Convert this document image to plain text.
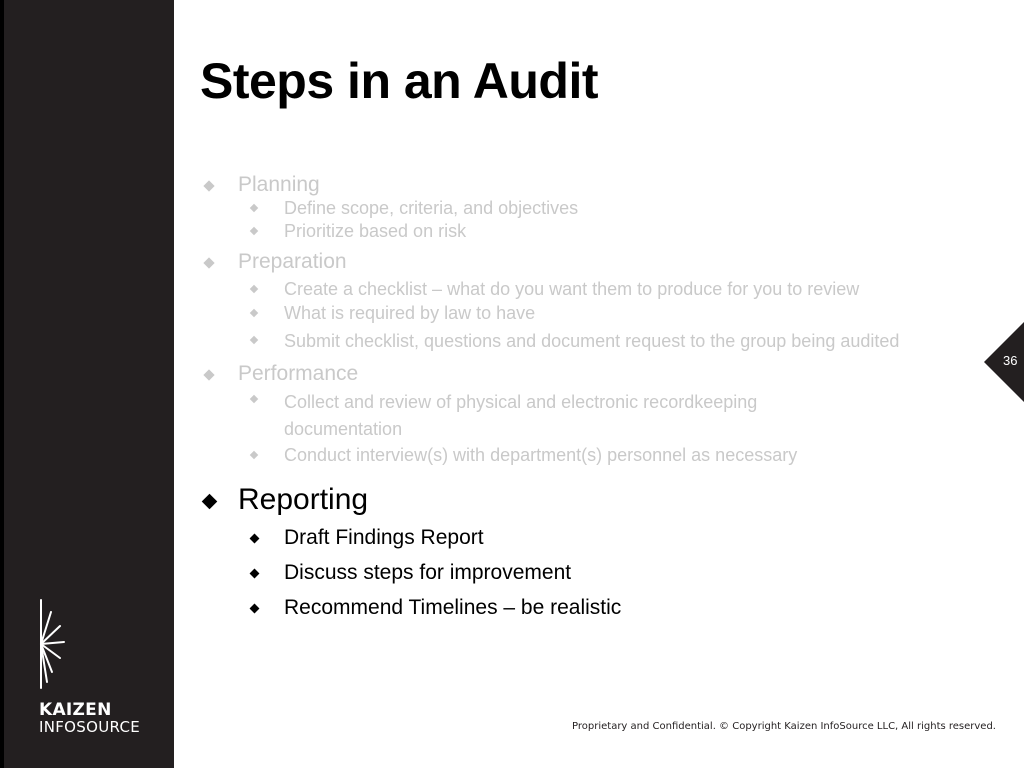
KAIZEN
INFOSOURCE
Steps in an Audit
Planning
Define scope, criteria, and objectives
Prioritize based on risk
Preparation
Create a checklist – what do you want them to produce for you to review
What is required by law to have
Submit checklist, questions and document request to the group being audited
Performance
Collect and review of physical and electronic recordkeeping documentation
Conduct interview(s) with department(s) personnel as necessary
Reporting
Draft Findings Report
Discuss steps for improvement
Recommend Timelines – be realistic
36
Proprietary and Confidential. © Copyright Kaizen InfoSource LLC, All rights reserved.
